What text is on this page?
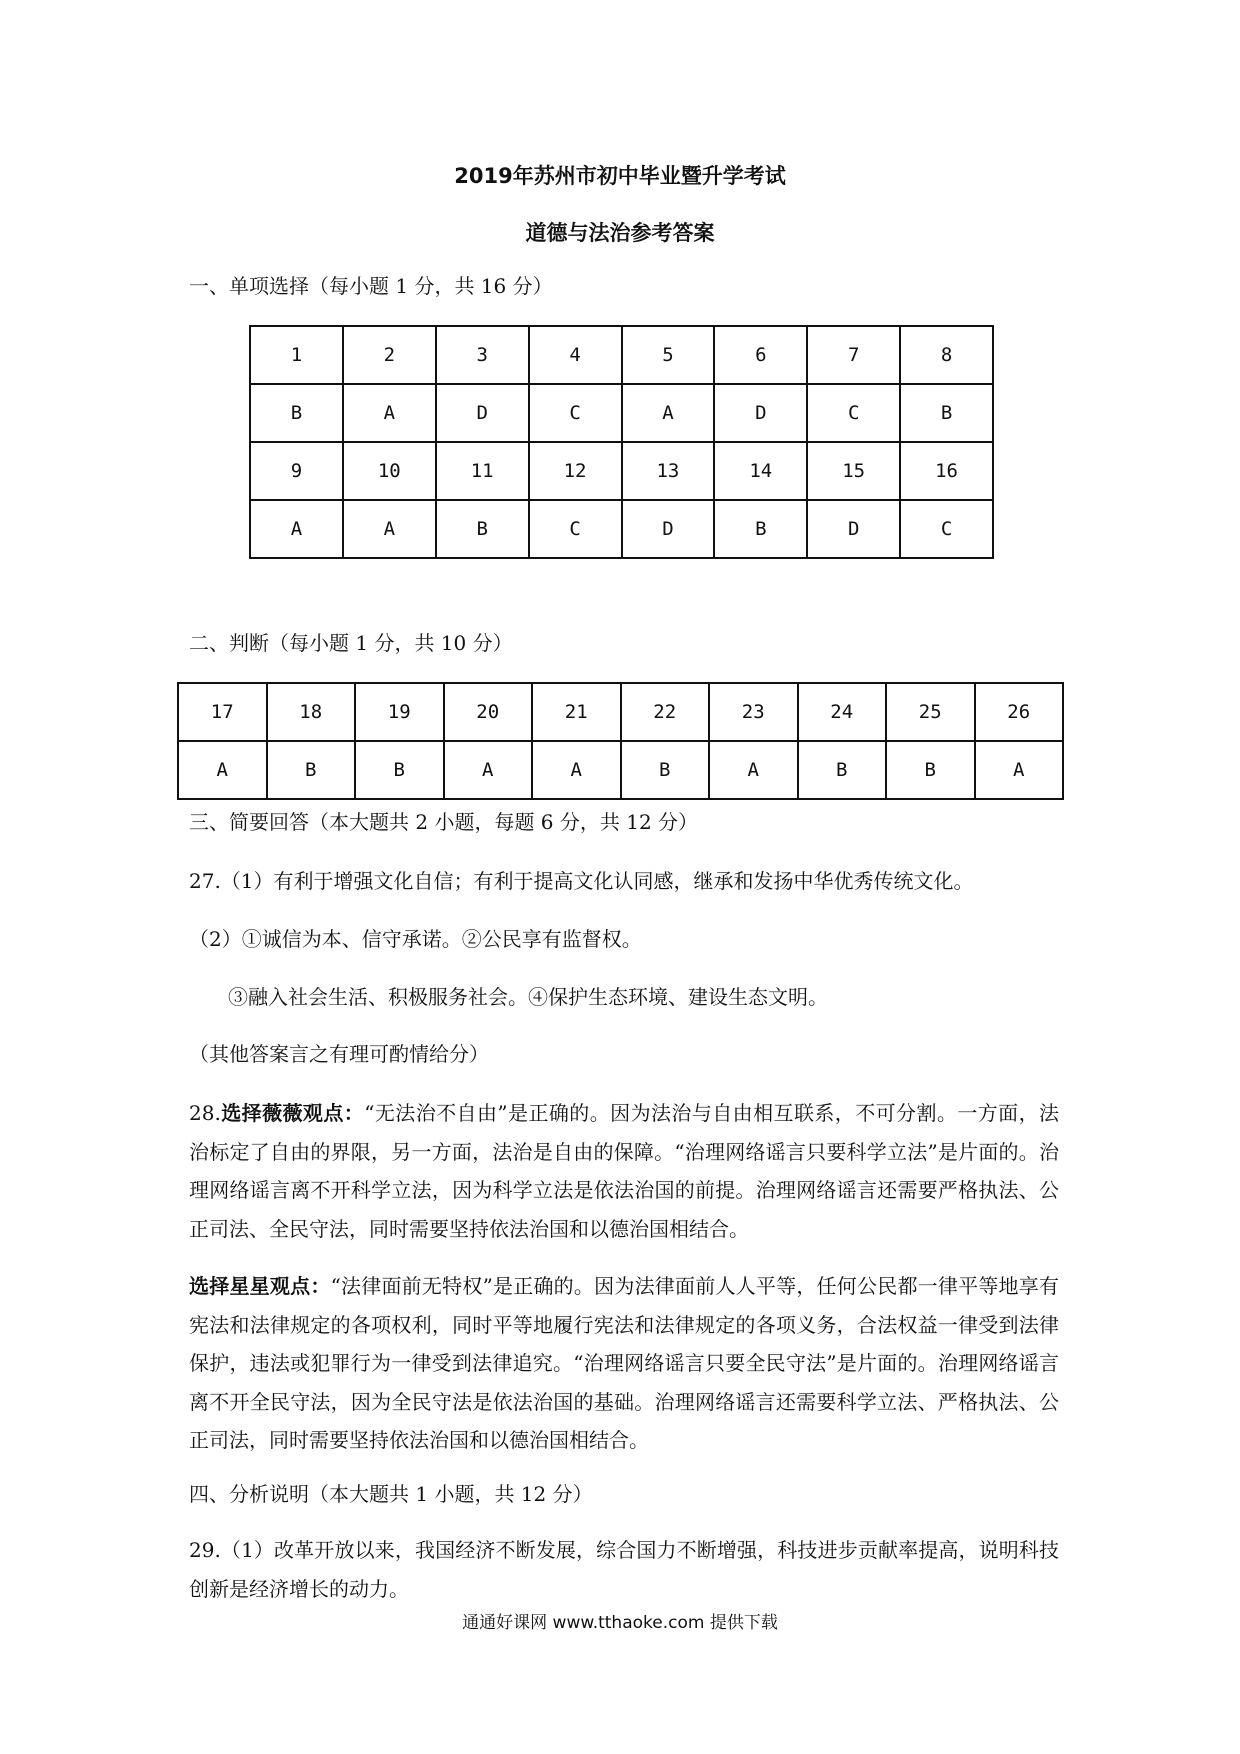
2019年苏州市初中毕业暨升学考试
道德与法治参考答案
一、单项选择（每小题 1 分，共 16 分）
1	2	3	4	5	6	7	8
B	A	D	C	A	D	C	B
9	10	11	12	13	14	15	16
A	A	B	C	D	B	D	C
二、判断（每小题 1 分，共 10 分）
17	18	19	20	21	22	23	24	25	26
A	B	B	A	A	B	A	B	B	A
三、简要回答（本大题共 2 小题，每题 6 分，共 12 分）
27.（1）有利于增强文化自信；有利于提高文化认同感，继承和发扬中华优秀传统文化。
（2）①诚信为本、信守承诺。②公民享有监督权。
③融入社会生活、积极服务社会。④保护生态环境、建设生态文明。
（其他答案言之有理可酌情给分）
28.选择薇薇观点：“无法治不自由”是正确的。因为法治与自由相互联系，不可分割。一方面，法治标定了自由的界限，另一方面，法治是自由的保障。“治理网络谣言只要科学立法”是片面的。治理网络谣言离不开科学立法，因为科学立法是依法治国的前提。治理网络谣言还需要严格执法、公正司法、全民守法，同时需要坚持依法治国和以德治国相结合。
选择星星观点：“法律面前无特权”是正确的。因为法律面前人人平等，任何公民都一律平等地享有宪法和法律规定的各项权利，同时平等地履行宪法和法律规定的各项义务，合法权益一律受到法律保护，违法或犯罪行为一律受到法律追究。“治理网络谣言只要全民守法”是片面的。治理网络谣言离不开全民守法，因为全民守法是依法治国的基础。治理网络谣言还需要科学立法、严格执法、公正司法，同时需要坚持依法治国和以德治国相结合。
四、分析说明（本大题共 1 小题，共 12 分）
29.（1）改革开放以来，我国经济不断发展，综合国力不断增强，科技进步贡献率提高，说明科技创新是经济增长的动力。
通通好课网 www.tthaoke.com 提供下载
